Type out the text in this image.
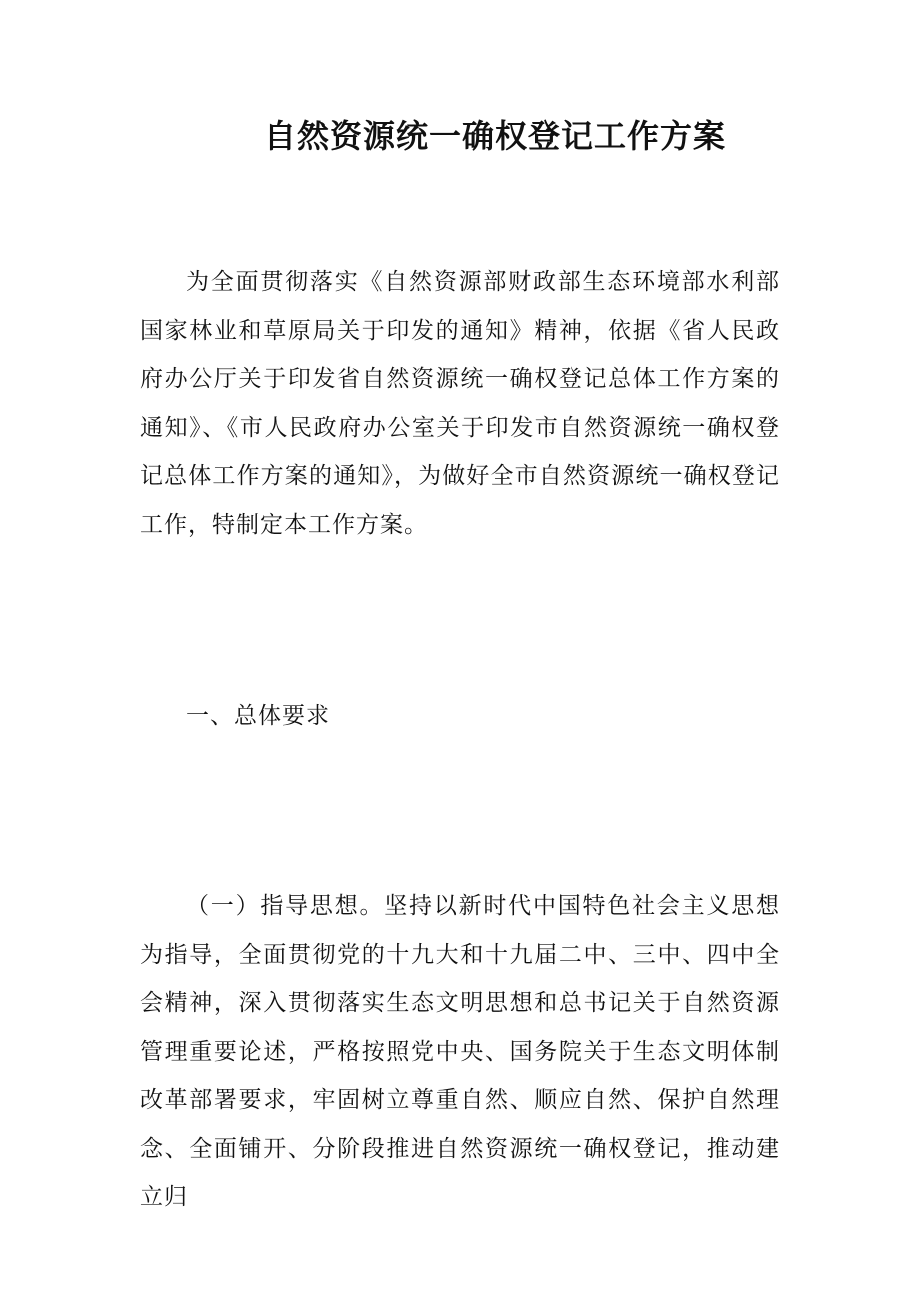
自然资源统一确权登记工作方案

为全面贯彻落实《自然资源部财政部生态环境部水利部国家林业和草原局关于印发的通知》精神，依据《省人民政府办公厅关于印发省自然资源统一确权登记总体工作方案的通知》、《市人民政府办公室关于印发市自然资源统一确权登记总体工作方案的通知》，为做好全市自然资源统一确权登记工作，特制定本工作方案。

一、总体要求

（一）指导思想。坚持以新时代中国特色社会主义思想为指导，全面贯彻党的十九大和十九届二中、三中、四中全会精神，深入贯彻落实生态文明思想和总书记关于自然资源管理重要论述，严格按照党中央、国务院关于生态文明体制改革部署要求，牢固树立尊重自然、顺应自然、保护自然理念、全面铺开、分阶段推进自然资源统一确权登记，推动建立归
